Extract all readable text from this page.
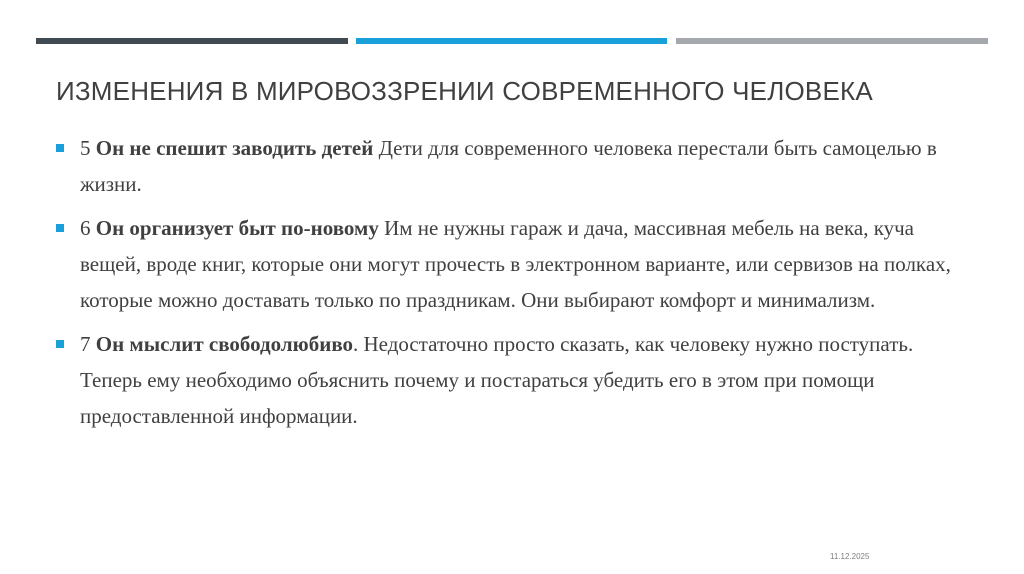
ИЗМЕНЕНИЯ В МИРОВОЗЗРЕНИИ СОВРЕМЕННОГО ЧЕЛОВЕКА
5 Он не спешит заводить детей Дети для современного человека перестали быть самоцелью в жизни.
6 Он организует быт по-новому Им не нужны гараж и дача, массивная мебель на века, куча вещей, вроде книг, которые они могут прочесть в электронном варианте, или сервизов на полках, которые можно доставать только по праздникам. Они выбирают комфорт и минимализм.
7 Он мыслит свободолюбиво. Недостаточно просто сказать, как человеку нужно поступать. Теперь ему необходимо объяснить почему и постараться убедить его в этом при помощи предоставленной информации.
11.12.2025
